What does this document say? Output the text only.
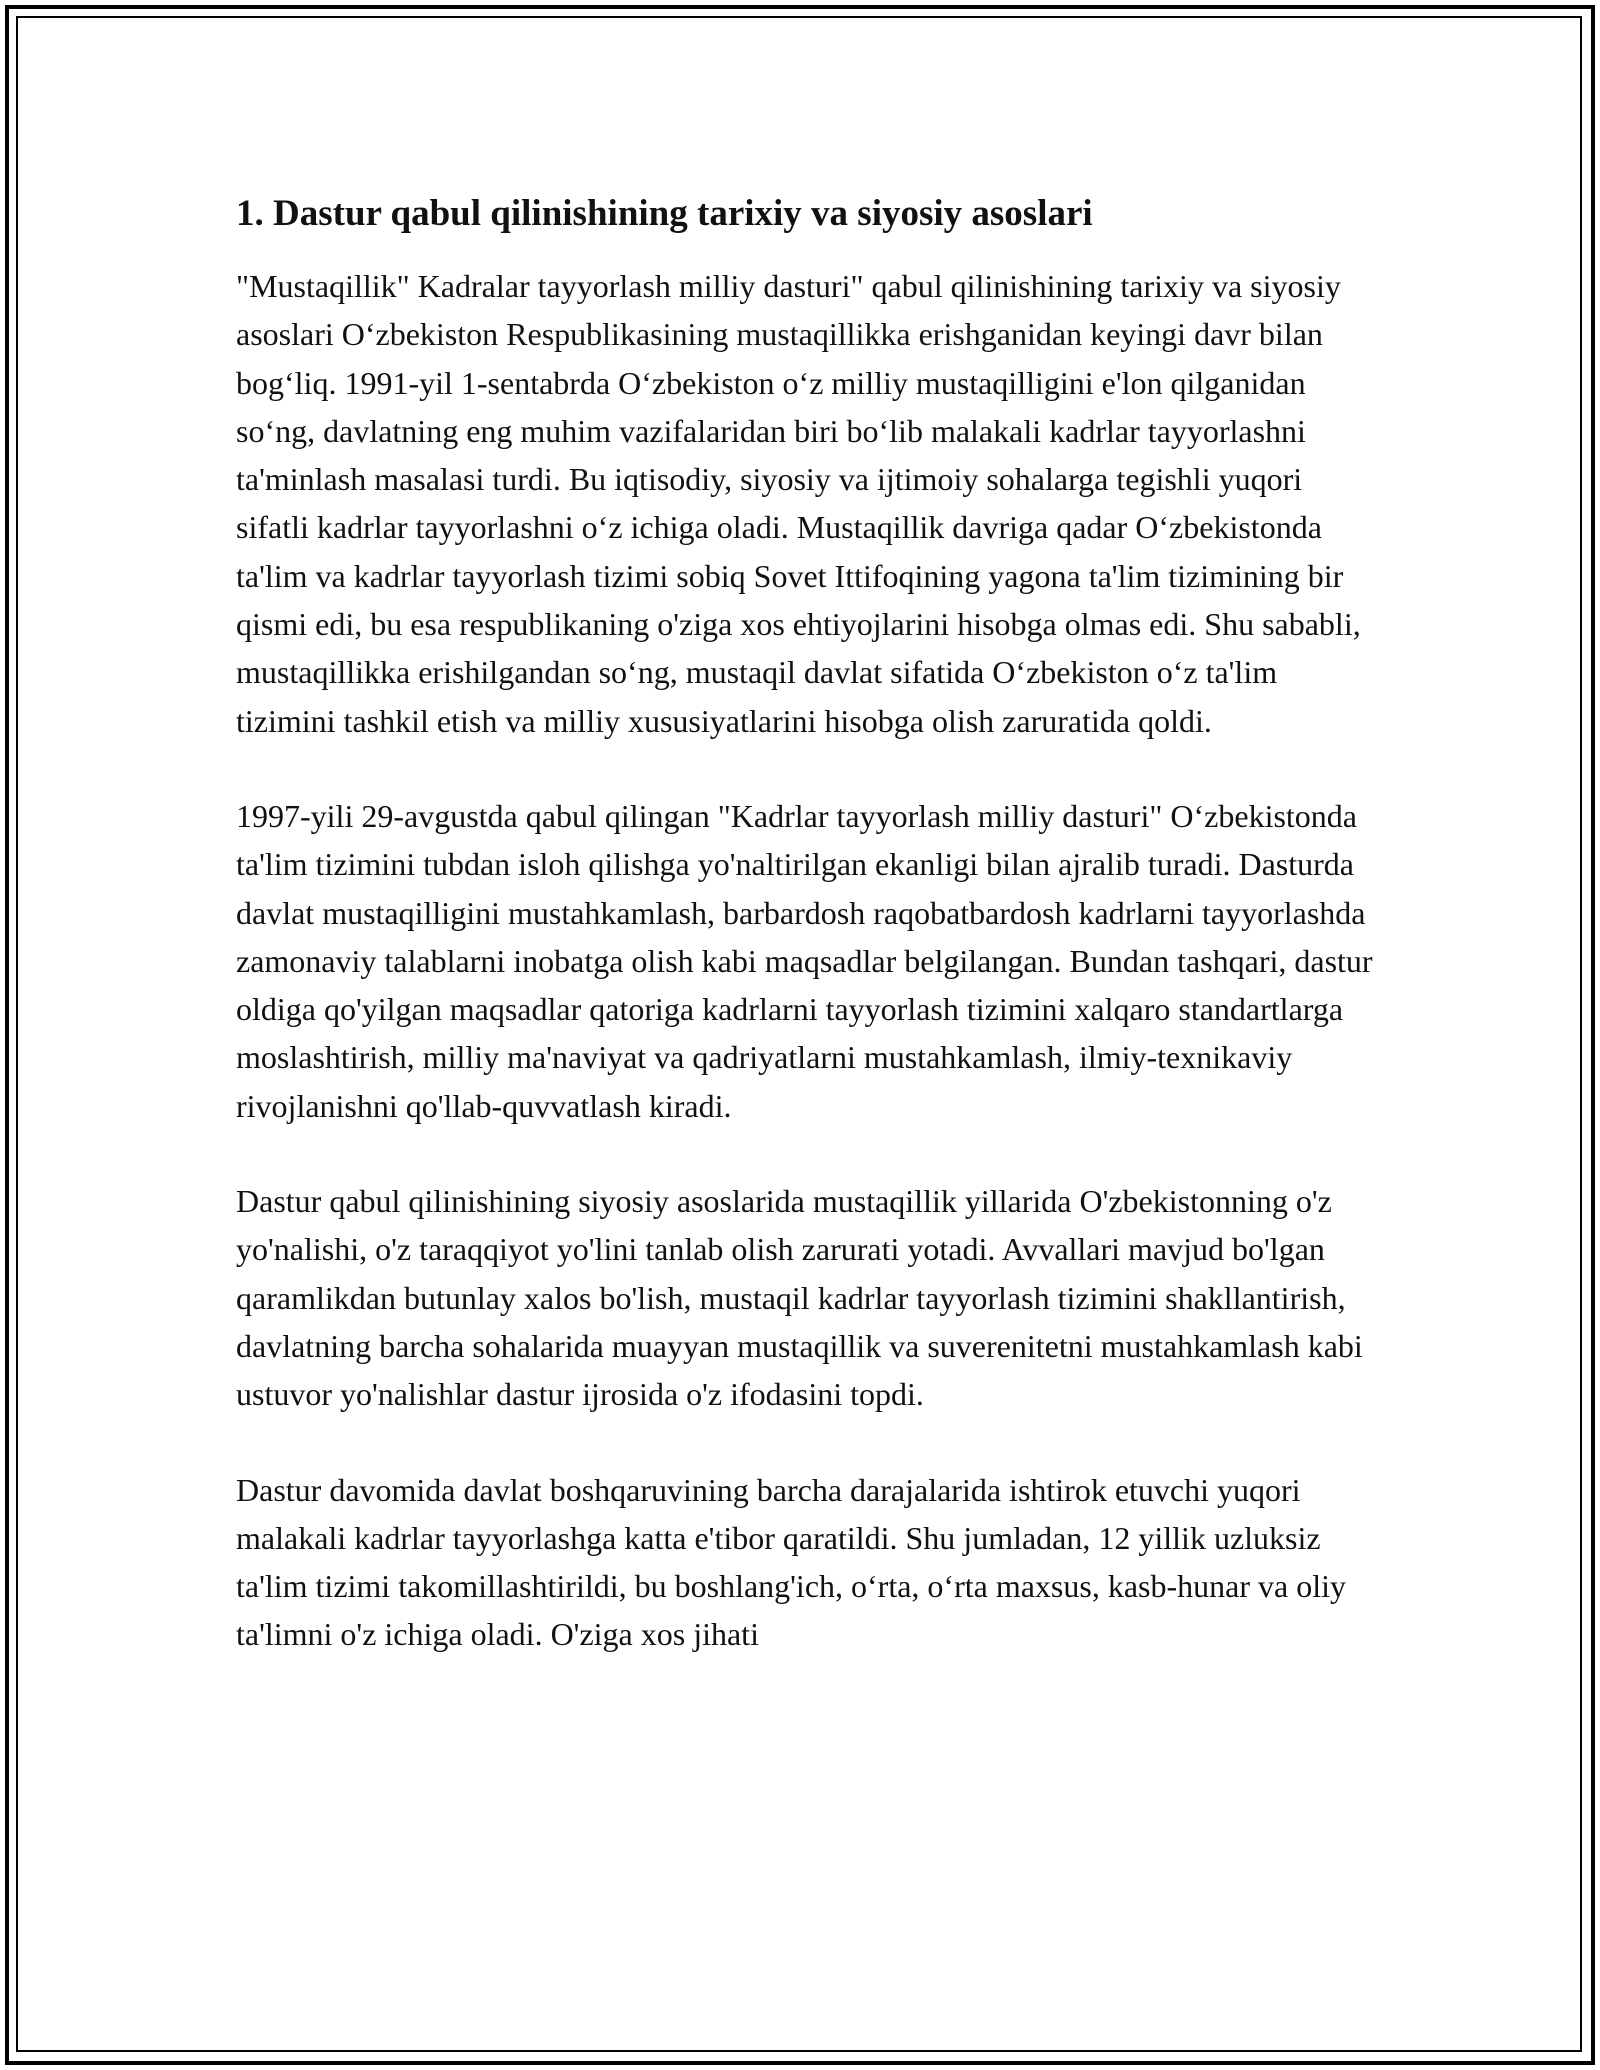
1. Dastur qabul qilinishining tarixiy va siyosiy asoslari

"Mustaqillik" Kadralar tayyorlash milliy dasturi" qabul qilinishining tarixiy va siyosiy asoslari Oʻzbekiston Respublikasining mustaqillikka erishganidan keyingi davr bilan bogʻliq. 1991-yil 1-sentabrda Oʻzbekiston oʻz milliy mustaqilligini e'lon qilganidan soʻng, davlatning eng muhim vazifalaridan biri boʻlib malakali kadrlar tayyorlashni ta'minlash masalasi turdi. Bu iqtisodiy, siyosiy va ijtimoiy sohalarga tegishli yuqori sifatli kadrlar tayyorlashni oʻz ichiga oladi. Mustaqillik davriga qadar Oʻzbekistonda ta'lim va kadrlar tayyorlash tizimi sobiq Sovet Ittifoqining yagona ta'lim tizimining bir qismi edi, bu esa respublikaning o'ziga xos ehtiyojlarini hisobga olmas edi. Shu sababli, mustaqillikka erishilgandan soʻng, mustaqil davlat sifatida Oʻzbekiston oʻz ta'lim tizimini tashkil etish va milliy xususiyatlarini hisobga olish zaruratida qoldi.

1997-yili 29-avgustda qabul qilingan "Kadrlar tayyorlash milliy dasturi" Oʻzbekistonda ta'lim tizimini tubdan isloh qilishga yo'naltirilgan ekanligi bilan ajralib turadi. Dasturda davlat mustaqilligini mustahkamlash, barbardosh raqobatbardosh kadrlarni tayyorlashda zamonaviy talablarni inobatga olish kabi maqsadlar belgilangan. Bundan tashqari, dastur oldiga qo'yilgan maqsadlar qatoriga kadrlarni tayyorlash tizimini xalqaro standartlarga moslashtirish, milliy ma'naviyat va qadriyatlarni mustahkamlash, ilmiy-texnikaviy rivojlanishni qo'llab-quvvatlash kiradi.

Dastur qabul qilinishining siyosiy asoslarida mustaqillik yillarida O'zbekistonning o'z yo'nalishi, o'z taraqqiyot yo'lini tanlab olish zarurati yotadi. Avvallari mavjud bo'lgan qaramlikdan butunlay xalos bo'lish, mustaqil kadrlar tayyorlash tizimini shakllantirish, davlatning barcha sohalarida muayyan mustaqillik va suverenitetni mustahkamlash kabi ustuvor yo'nalishlar dastur ijrosida o'z ifodasini topdi.

Dastur davomida davlat boshqaruvining barcha darajalarida ishtirok etuvchi yuqori malakali kadrlar tayyorlashga katta e'tibor qaratildi. Shu jumladan, 12 yillik uzluksiz ta'lim tizimi takomillashtirildi, bu boshlang'ich, oʻrta, oʻrta maxsus, kasb-hunar va oliy ta'limni o'z ichiga oladi. O'ziga xos jihati
